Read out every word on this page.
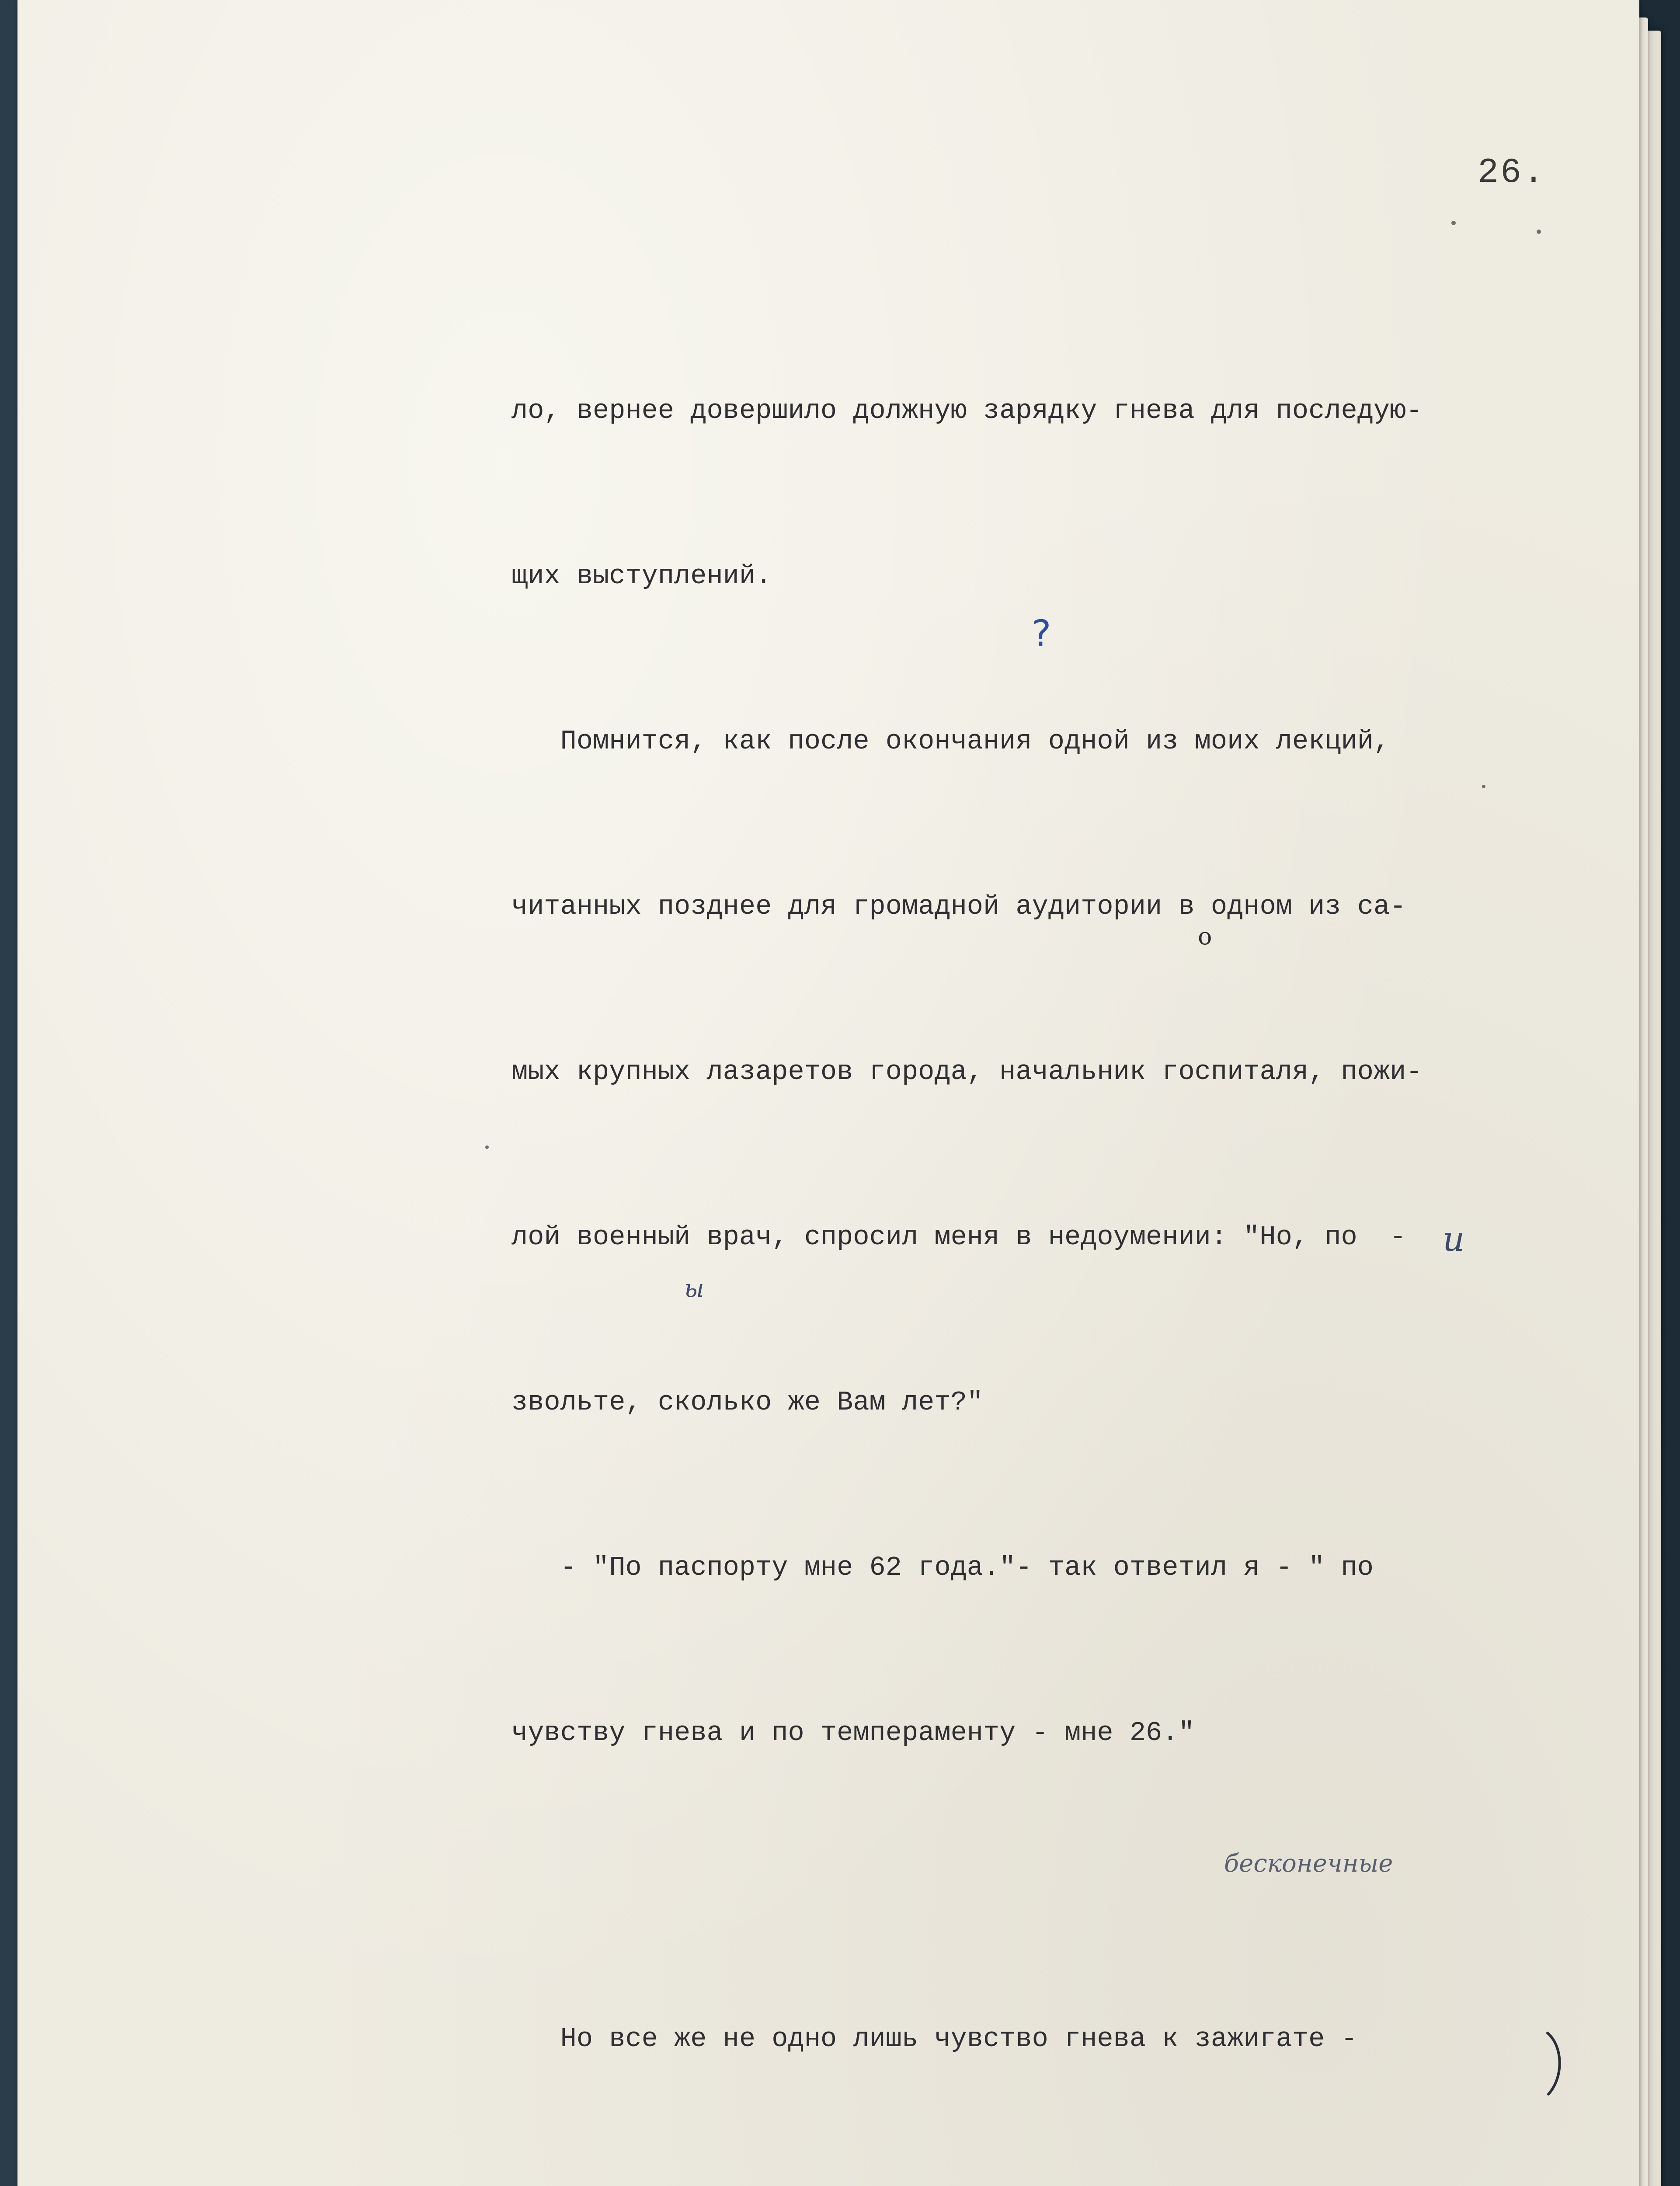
26.

ло, вернее довершило должную зарядку гнева для последую-

щих выступлений.

Помнится, как после окончания одной из моих лекций,

читанных позднее для громадной аудитории в одном из са-

мых крупных лазаретов города, начальник госпиталя, пожи-

лой военный врач, спросил меня в недоумении: "Но, по  -

звольте, сколько же Вам лет?"

- "По паспорту мне 62 года."- так ответил я - " по

чувству гнева и по темпераменту - мне 26."

Но все же не одно лишь чувство гнева к зажигате -

?
о
и
ы
бесконечные
